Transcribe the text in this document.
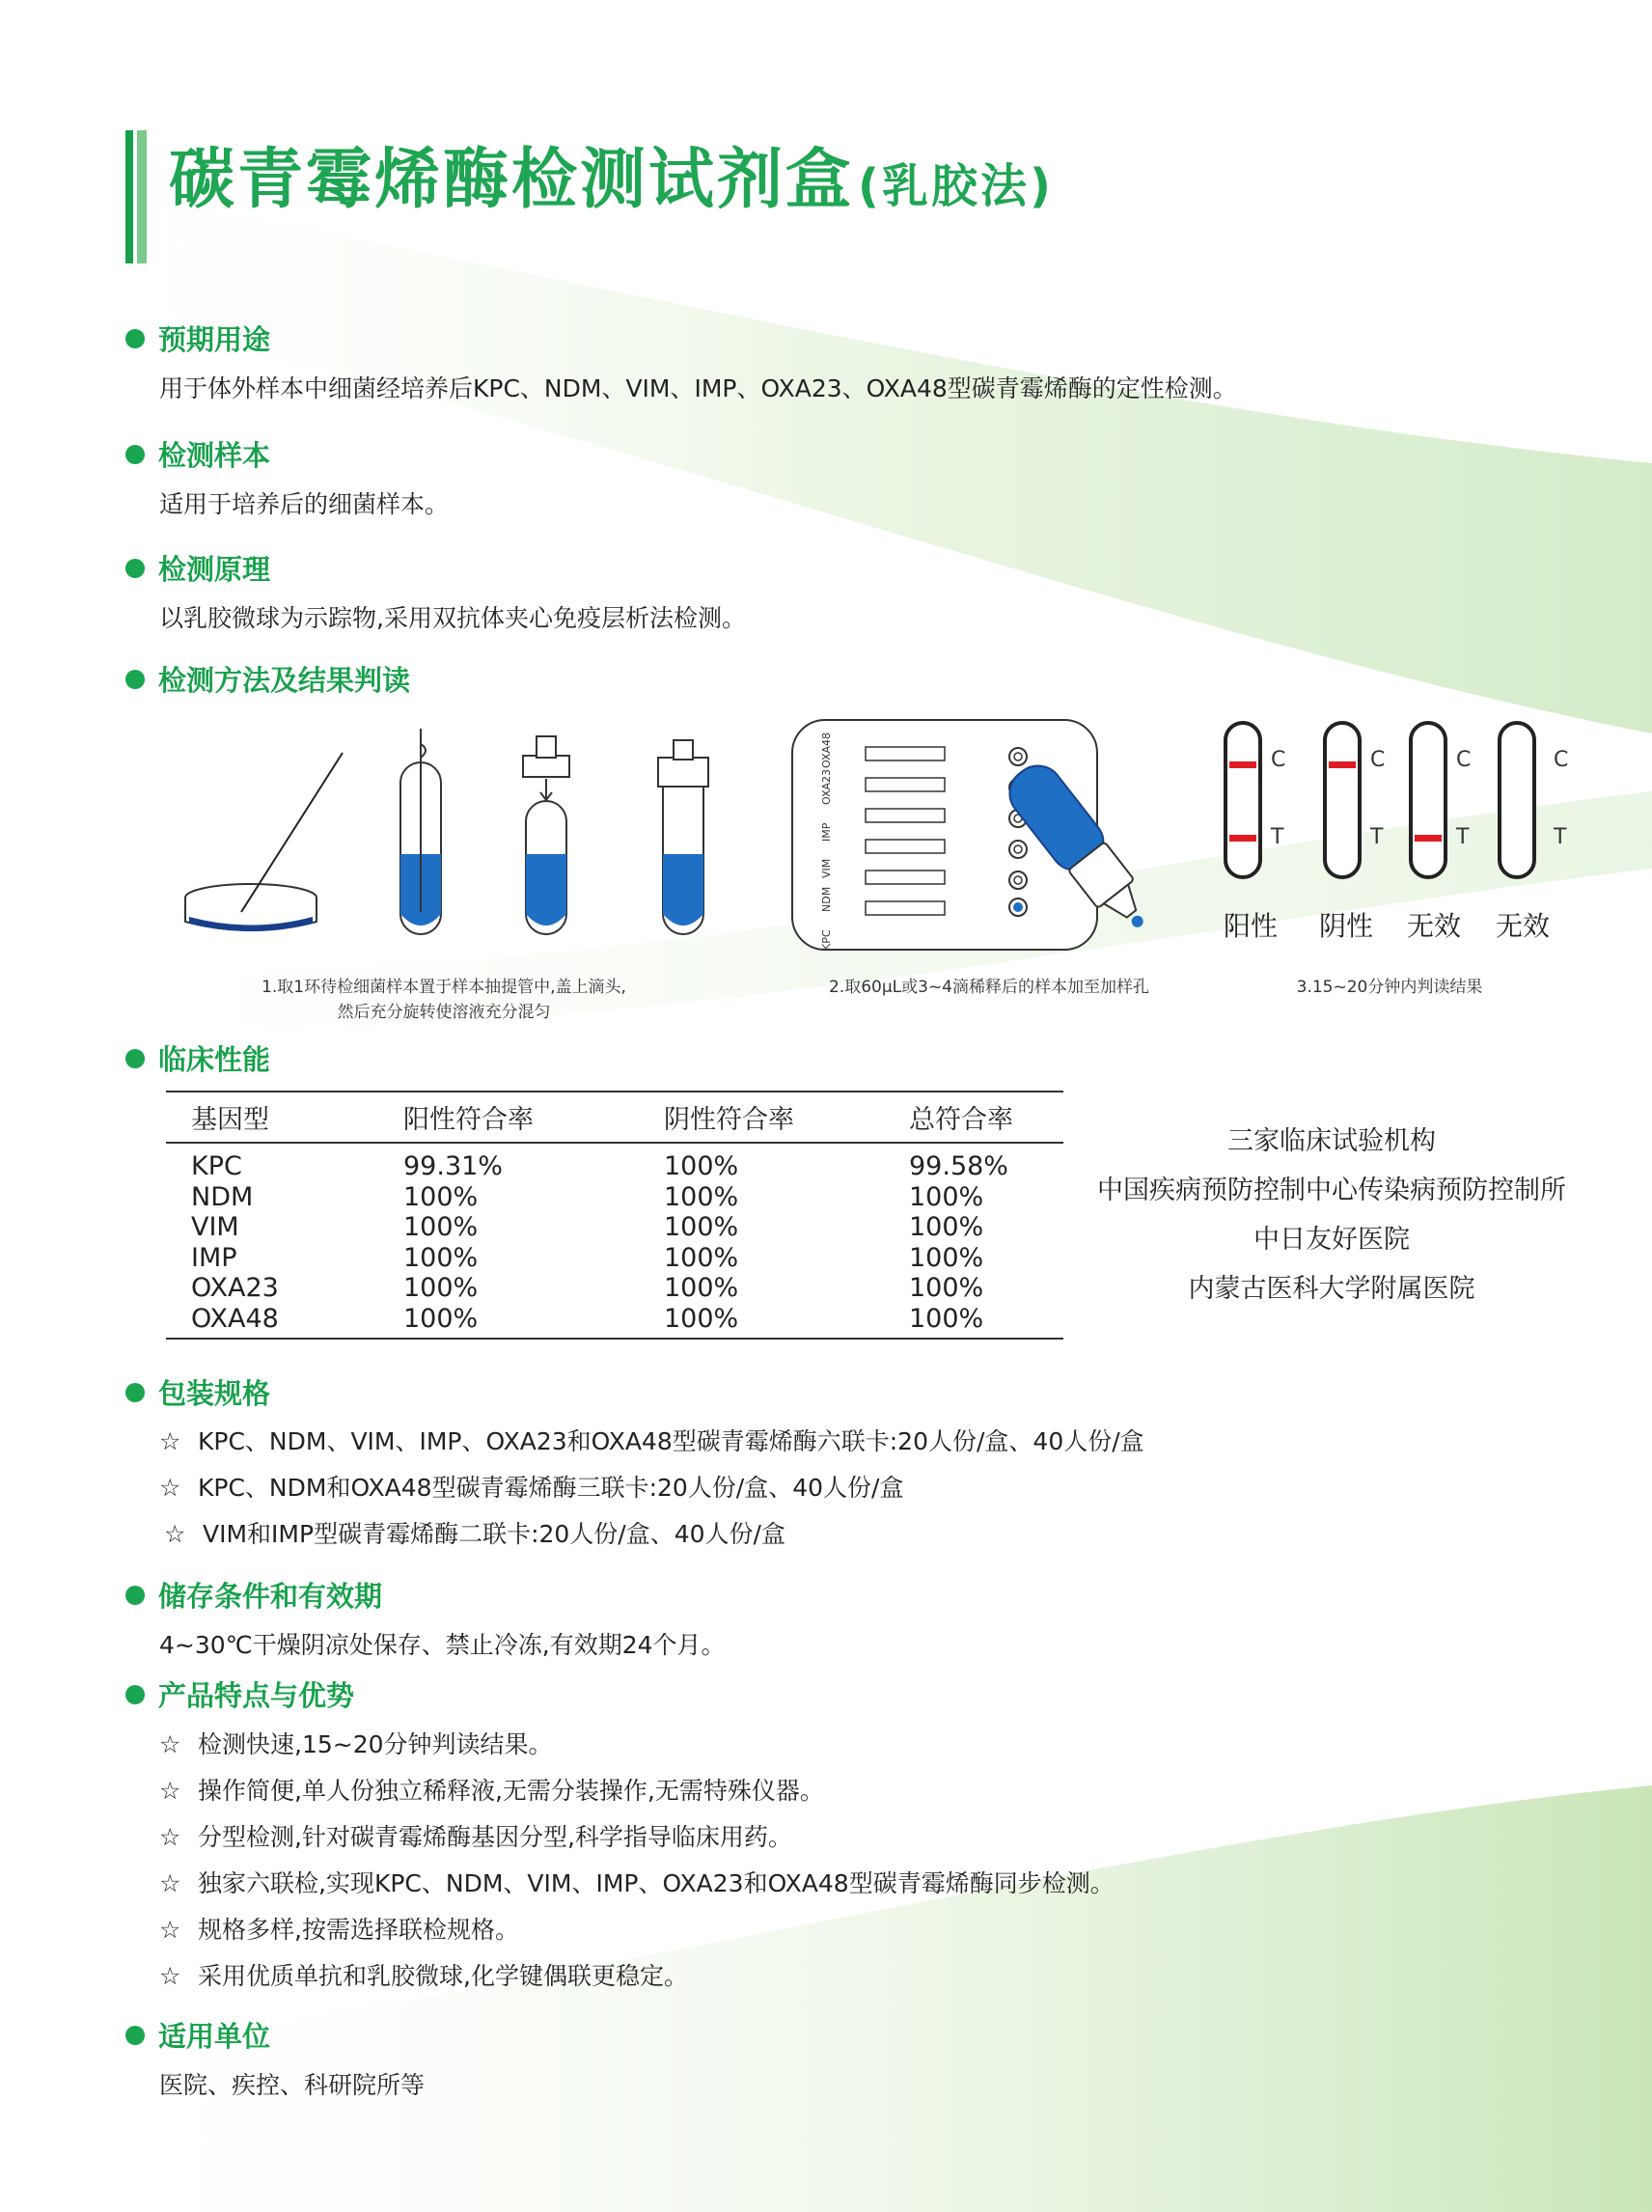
碳青霉烯酶检测试剂盒(乳胶法)
预期用途
用于体外样本中细菌经培养后KPC、NDM、VIM、IMP、OXA23、OXA48型碳青霉烯酶的定性检测。
检测样本
适用于培养后的细菌样本。
检测原理
以乳胶微球为示踪物,采用双抗体夹心免疫层析法检测。
检测方法及结果判读
KPC
NDM
VIM
IMP
OXA23
OXA48	C
T
C
T
C
T
C
T
阳性	阴性	无效	无效
1.取1环待检细菌样本置于样本抽提管中,盖上滴头,
然后充分旋转使溶液充分混匀
2.取60μL或3~4滴稀释后的样本加至加样孔	3.15~20分钟内判读结果
临床性能
基因型	阳性符合率	阴性符合率	总符合率
KPC	99.31%	100%	99.58%
NDM	100%	100%	100%
VIM	100%	100%	100%
IMP	100%	100%	100%
OXA23	100%	100%	100%
OXA48	100%	100%	100%
三家临床试验机构
中国疾病预防控制中心传染病预防控制所
中日友好医院
内蒙古医科大学附属医院
包装规格
☆ KPC、NDM、VIM、IMP、OXA23和OXA48型碳青霉烯酶六联卡:20人份/盒、40人份/盒
☆ KPC、NDM和OXA48型碳青霉烯酶三联卡:20人份/盒、40人份/盒
☆ VIM和IMP型碳青霉烯酶二联卡:20人份/盒、40人份/盒
储存条件和有效期
4~30℃干燥阴凉处保存、禁止冷冻,有效期24个月。
产品特点与优势
☆ 检测快速,15~20分钟判读结果。
☆ 操作简便,单人份独立稀释液,无需分装操作,无需特殊仪器。
☆ 分型检测,针对碳青霉烯酶基因分型,科学指导临床用药。
☆ 独家六联检,实现KPC、NDM、VIM、IMP、OXA23和OXA48型碳青霉烯酶同步检测。
☆ 规格多样,按需选择联检规格。
☆ 采用优质单抗和乳胶微球,化学键偶联更稳定。
适用单位
医院、疾控、科研院所等
